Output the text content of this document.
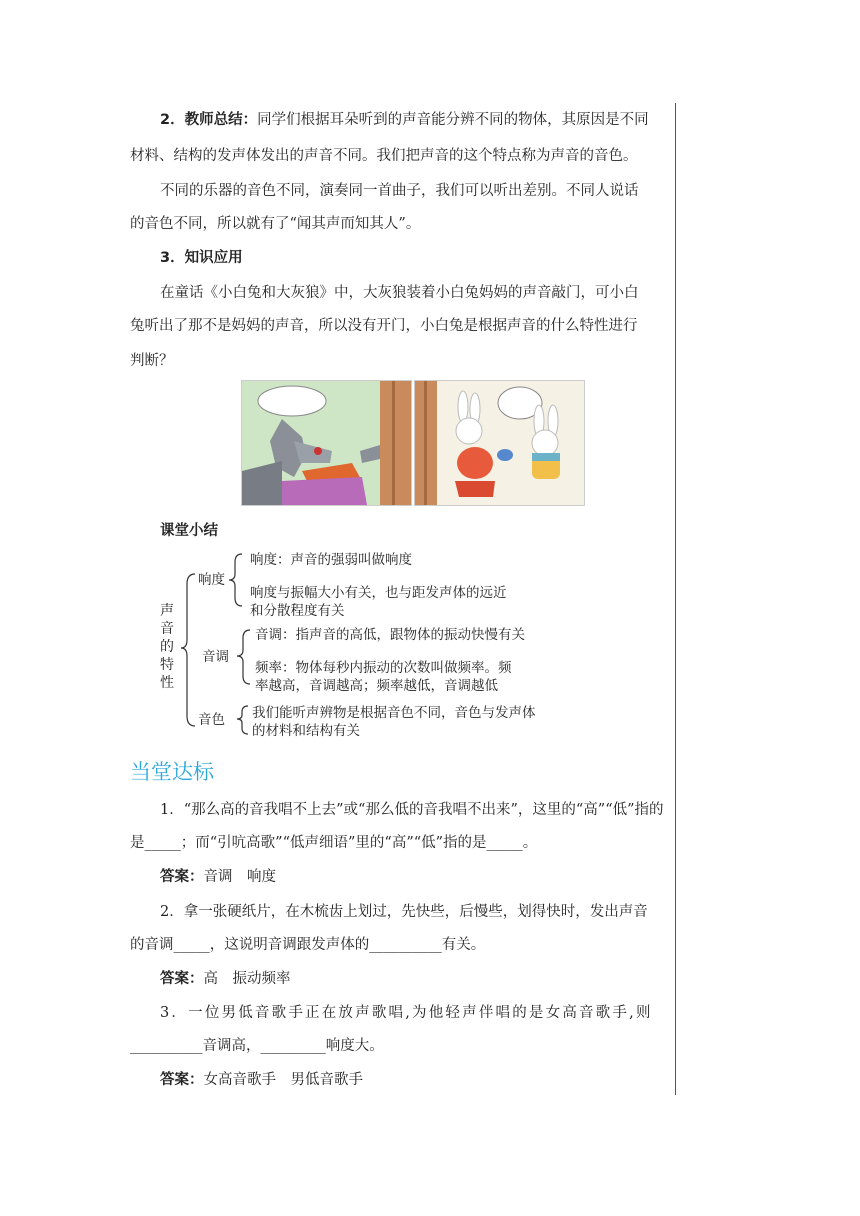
2．教师总结：同学们根据耳朵听到的声音能分辨不同的物体，其原因是不同
材料、结构的发声体发出的声音不同。我们把声音的这个特点称为声音的音色。
不同的乐器的音色不同，演奏同一首曲子，我们可以听出差别。不同人说话
的音色不同，所以就有了“闻其声而知其人”。
3．知识应用
在童话《小白兔和大灰狼》中，大灰狼装着小白兔妈妈的声音敲门，可小白
兔听出了那不是妈妈的声音，所以没有开门，小白兔是根据声音的什么特性进行
判断？
课堂小结
声
音
的
特
性
响度
响度：声音的强弱叫做响度
响度与振幅大小有关，也与距发声体的远近
和分散程度有关
音调
音调：指声音的高低，跟物体的振动快慢有关
频率：物体每秒内振动的次数叫做频率。频
率越高，音调越高；频率越低，音调越低
音色 我们能听声辨物是根据音色不同，音色与发声体
的材料和结构有关
当堂达标
1．“那么高的音我唱不上去”或“那么低的音我唱不出来”，这里的“高”“低”指的
是_____；而“引吭高歌”“低声细语”里的“高”“低”指的是_____。
答案：音调　响度
2．拿一张硬纸片，在木梳齿上划过，先快些，后慢些，划得快时，发出声音
的音调_____，这说明音调跟发声体的__________有关。
答案：高　振动频率
3．一位男低音歌手正在放声歌唱,为他轻声伴唱的是女高音歌手,则
__________音调高，_________响度大。
答案：女高音歌手　男低音歌手
